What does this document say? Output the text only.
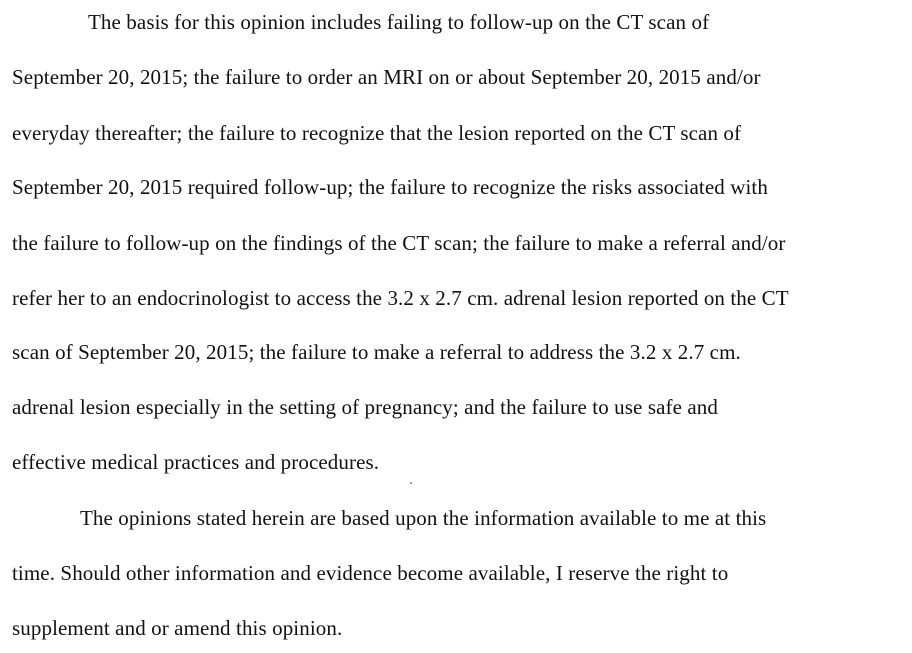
The basis for this opinion includes failing to follow-up on the CT scan of
September 20, 2015; the failure to order an MRI on or about September 20, 2015 and/or
everyday thereafter; the failure to recognize that the lesion reported on the CT scan of
September 20, 2015 required follow-up; the failure to recognize the risks associated with
the failure to follow-up on the findings of the CT scan; the failure to make a referral and/or
refer her to an endocrinologist to access the 3.2 x 2.7 cm. adrenal lesion reported on the CT
scan of September 20, 2015; the failure to make a referral to address the 3.2 x 2.7 cm.
adrenal lesion especially in the setting of pregnancy; and the failure to use safe and
effective medical practices and procedures.
The opinions stated herein are based upon the information available to me at this
time. Should other information and evidence become available, I reserve the right to
supplement and or amend this opinion.
